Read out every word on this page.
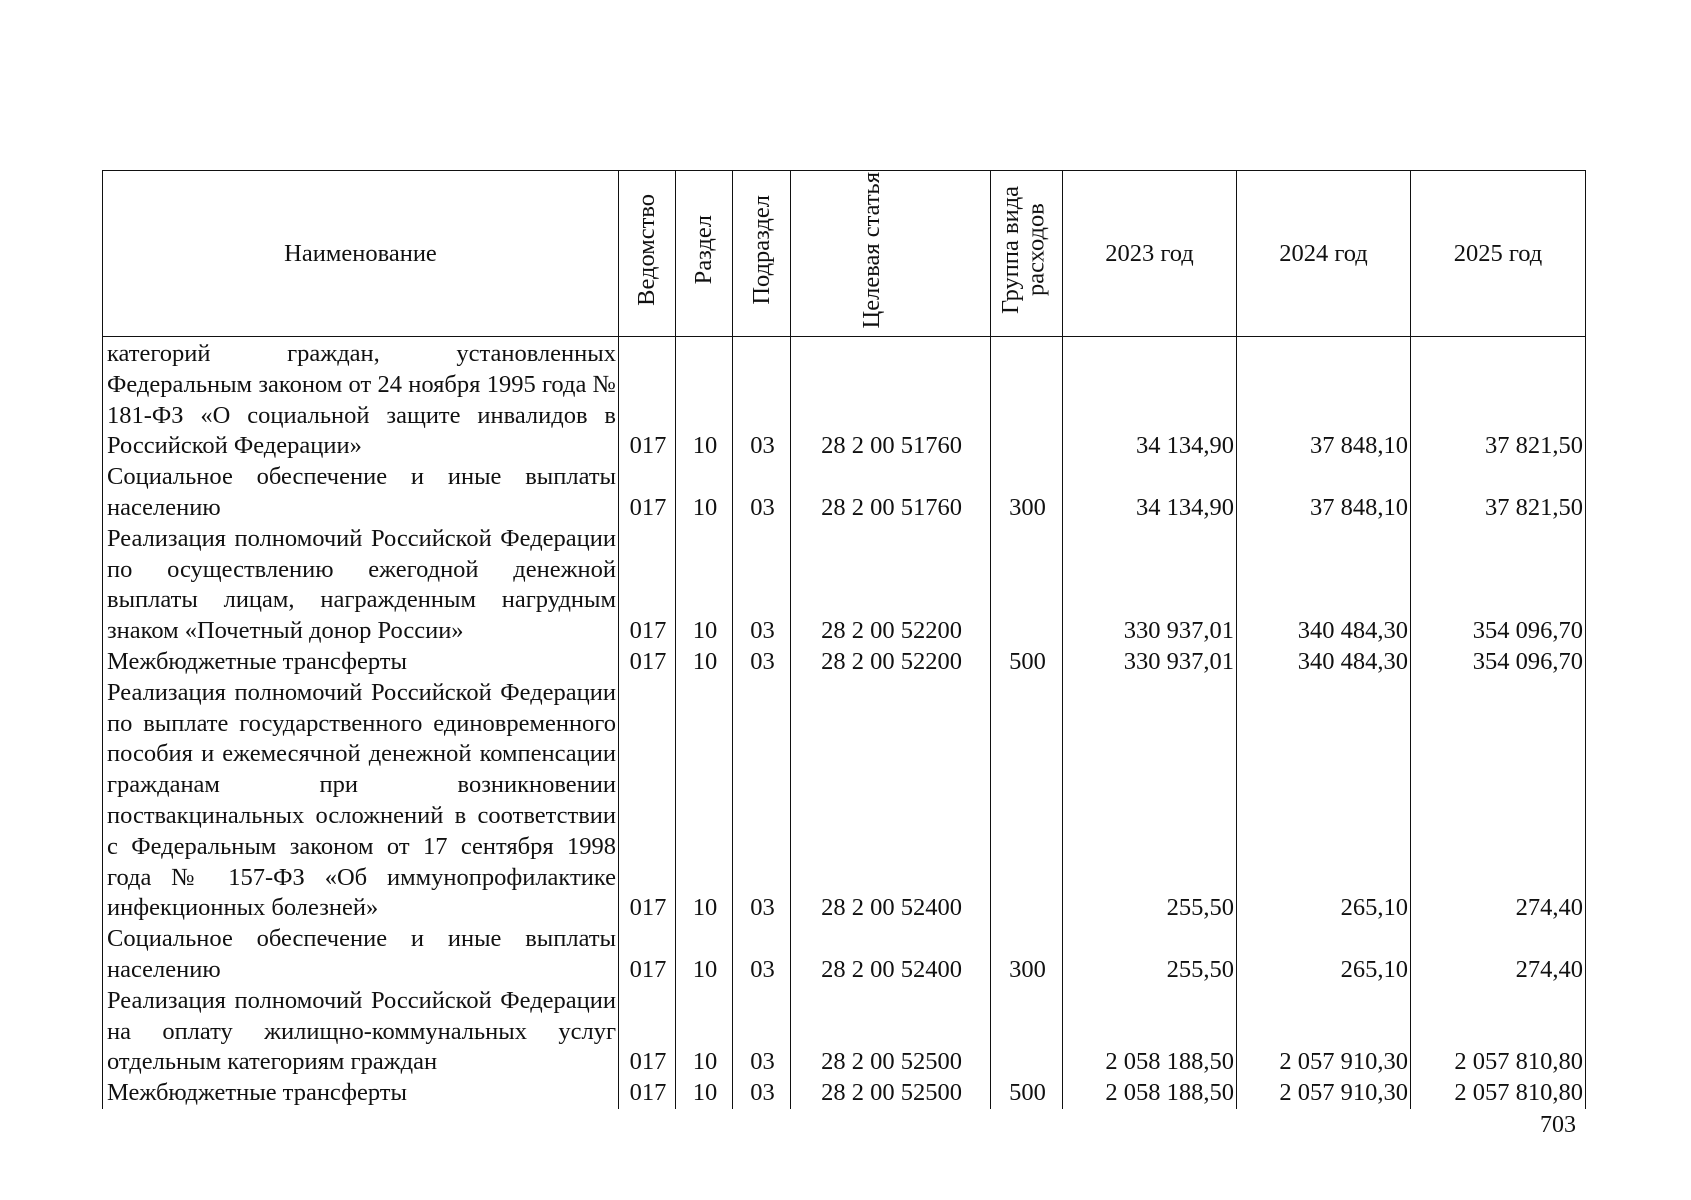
Наименование	Ведомство	Раздел	Подраздел	Целевая статья	Группа вида расходов	2023 год	2024 год	2025 год
категорий граждан, установленных Федеральным законом от 24 ноября 1995 года № 181-ФЗ «О социальной защите инвалидов в Российской Федерации»	017	10	03	28 2 00 51760		34 134,90	37 848,10	37 821,50
Социальное обеспечение и иные выплаты населению	017	10	03	28 2 00 51760	300	34 134,90	37 848,10	37 821,50
Реализация полномочий Российской Федерации по осуществлению ежегодной денежной выплаты лицам, награжденным нагрудным знаком «Почетный донор России»	017	10	03	28 2 00 52200		330 937,01	340 484,30	354 096,70
Межбюджетные трансферты	017	10	03	28 2 00 52200	500	330 937,01	340 484,30	354 096,70
Реализация полномочий Российской Федерации по выплате государственного единовременного пособия и ежемесячной денежной компенсации гражданам при возникновении поствакцинальных осложнений в соответствии с Федеральным законом от 17 сентября 1998 года № 157-ФЗ «Об иммунопрофилактике инфекционных болезней»	017	10	03	28 2 00 52400		255,50	265,10	274,40
Социальное обеспечение и иные выплаты населению	017	10	03	28 2 00 52400	300	255,50	265,10	274,40
Реализация полномочий Российской Федерации на оплату жилищно-коммунальных услуг отдельным категориям граждан	017	10	03	28 2 00 52500		2 058 188,50	2 057 910,30	2 057 810,80
Межбюджетные трансферты	017	10	03	28 2 00 52500	500	2 058 188,50	2 057 910,30	2 057 810,80
703
